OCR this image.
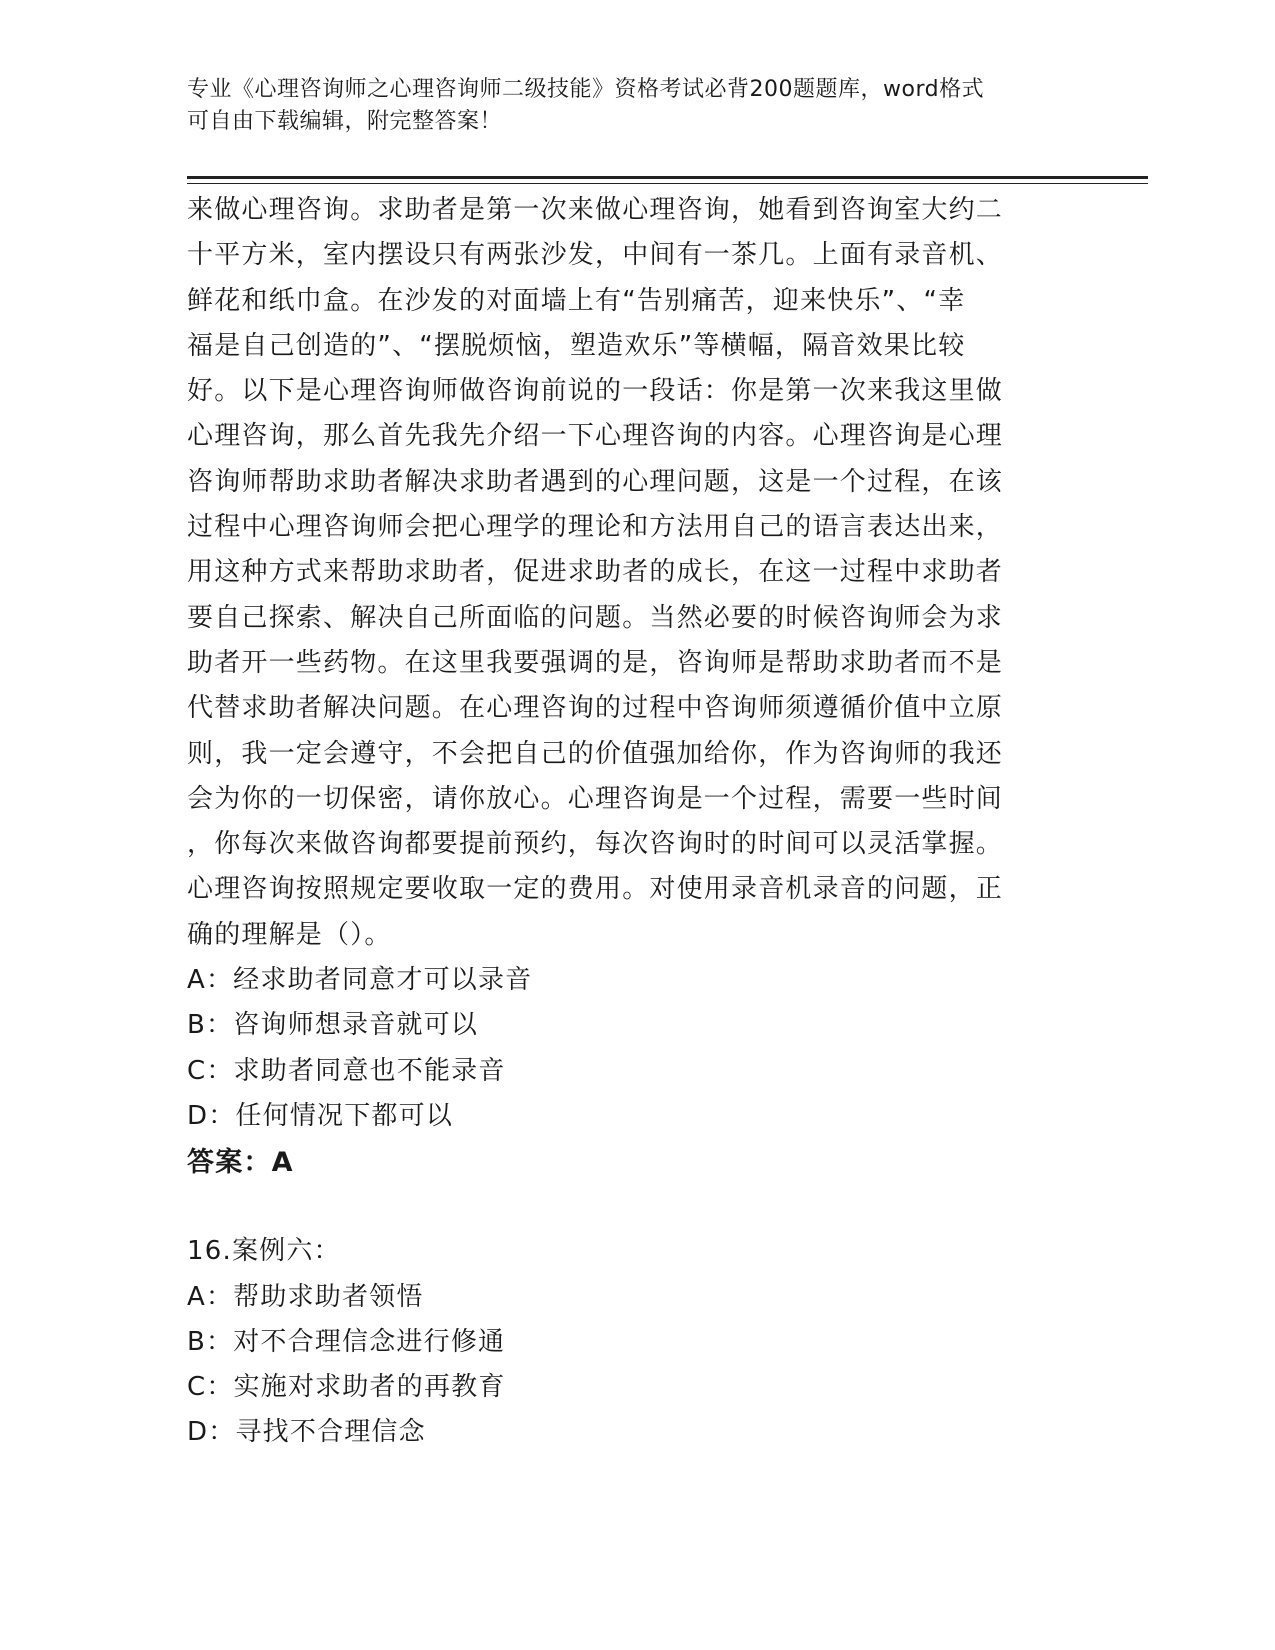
专业《心理咨询师之心理咨询师二级技能》资格考试必背200题题库，word格式
可自由下载编辑，附完整答案！
来做心理咨询。求助者是第一次来做心理咨询，她看到咨询室大约二
十平方米，室内摆设只有两张沙发，中间有一茶几。上面有录音机、
鲜花和纸巾盒。在沙发的对面墙上有“告别痛苦，迎来快乐”、“幸
福是自己创造的”、“摆脱烦恼，塑造欢乐”等横幅，隔音效果比较
好。以下是心理咨询师做咨询前说的一段话：你是第一次来我这里做
心理咨询，那么首先我先介绍一下心理咨询的内容。心理咨询是心理
咨询师帮助求助者解决求助者遇到的心理问题，这是一个过程，在该
过程中心理咨询师会把心理学的理论和方法用自己的语言表达出来，
用这种方式来帮助求助者，促进求助者的成长，在这一过程中求助者
要自己探索、解决自己所面临的问题。当然必要的时候咨询师会为求
助者开一些药物。在这里我要强调的是，咨询师是帮助求助者而不是
代替求助者解决问题。在心理咨询的过程中咨询师须遵循价值中立原
则，我一定会遵守，不会把自己的价值强加给你，作为咨询师的我还
会为你的一切保密，请你放心。心理咨询是一个过程，需要一些时间
，你每次来做咨询都要提前预约，每次咨询时的时间可以灵活掌握。
心理咨询按照规定要收取一定的费用。对使用录音机录音的问题，正
确的理解是（）。
A：经求助者同意才可以录音
B：咨询师想录音就可以
C：求助者同意也不能录音
D：任何情况下都可以
答案：A
16.案例六：
A：帮助求助者领悟
B：对不合理信念进行修通
C：实施对求助者的再教育
D：寻找不合理信念
